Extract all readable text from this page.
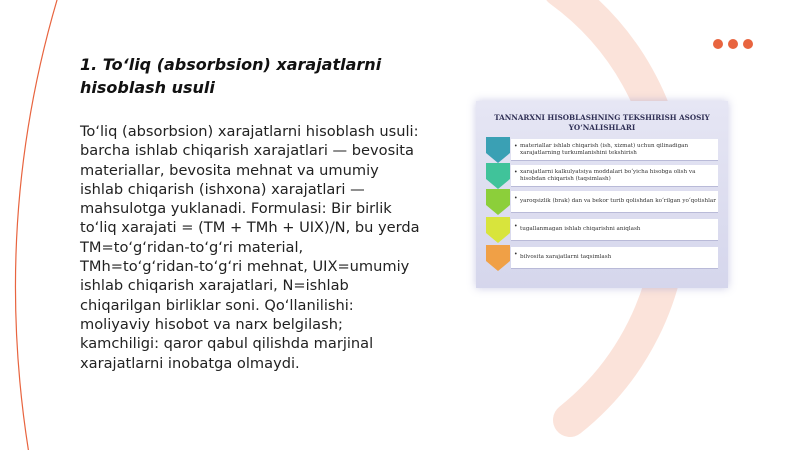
1. To‘liq (absorbsion) xarajatlarni hisoblash usuli
To‘liq (absorbsion) xarajatlarni hisoblash usuli: barcha ishlab chiqarish xarajatlari — bevosita materiallar, bevosita mehnat va umumiy ishlab chiqarish (ishxona) xarajatlari — mahsulotga yuklanadi. Formulasi: Bir birlik to‘liq xarajati = (TM + TMh + UIX)/N, bu yerda TM=to‘g‘ridan-to‘g‘ri material, TMh=to‘g‘ridan-to‘g‘ri mehnat, UIX=umumiy ishlab chiqarish xarajatlari, N=ishlab chiqarilgan birliklar soni. Qo‘llanilishi: moliyaviy hisobot va narx belgilash; kamchiligi: qaror qabul qilishda marjinal xarajatlarni inobatga olmaydi.
TANNARXNI HISOBLASHNING TEKSHIRISH ASOSIY YO‘NALISHLARI
• materiallar ishlab chiqarish (ish, xizmat) uchun qilinadigan xarajatlarning turkumlanishini tekshirish
• xarajatlarni kalkulyatsiya moddalari bo‘yicha hisobga olish va hisobdan chiqarish (taqsimlash)
• yaroqsizlik (brak) dan va bekor turib qolishdan ko‘rilgan yo‘qotishlar
• tugallanmagan ishlab chiqarishni aniqlash
• bilvosita xarajatlarni taqsimlash
